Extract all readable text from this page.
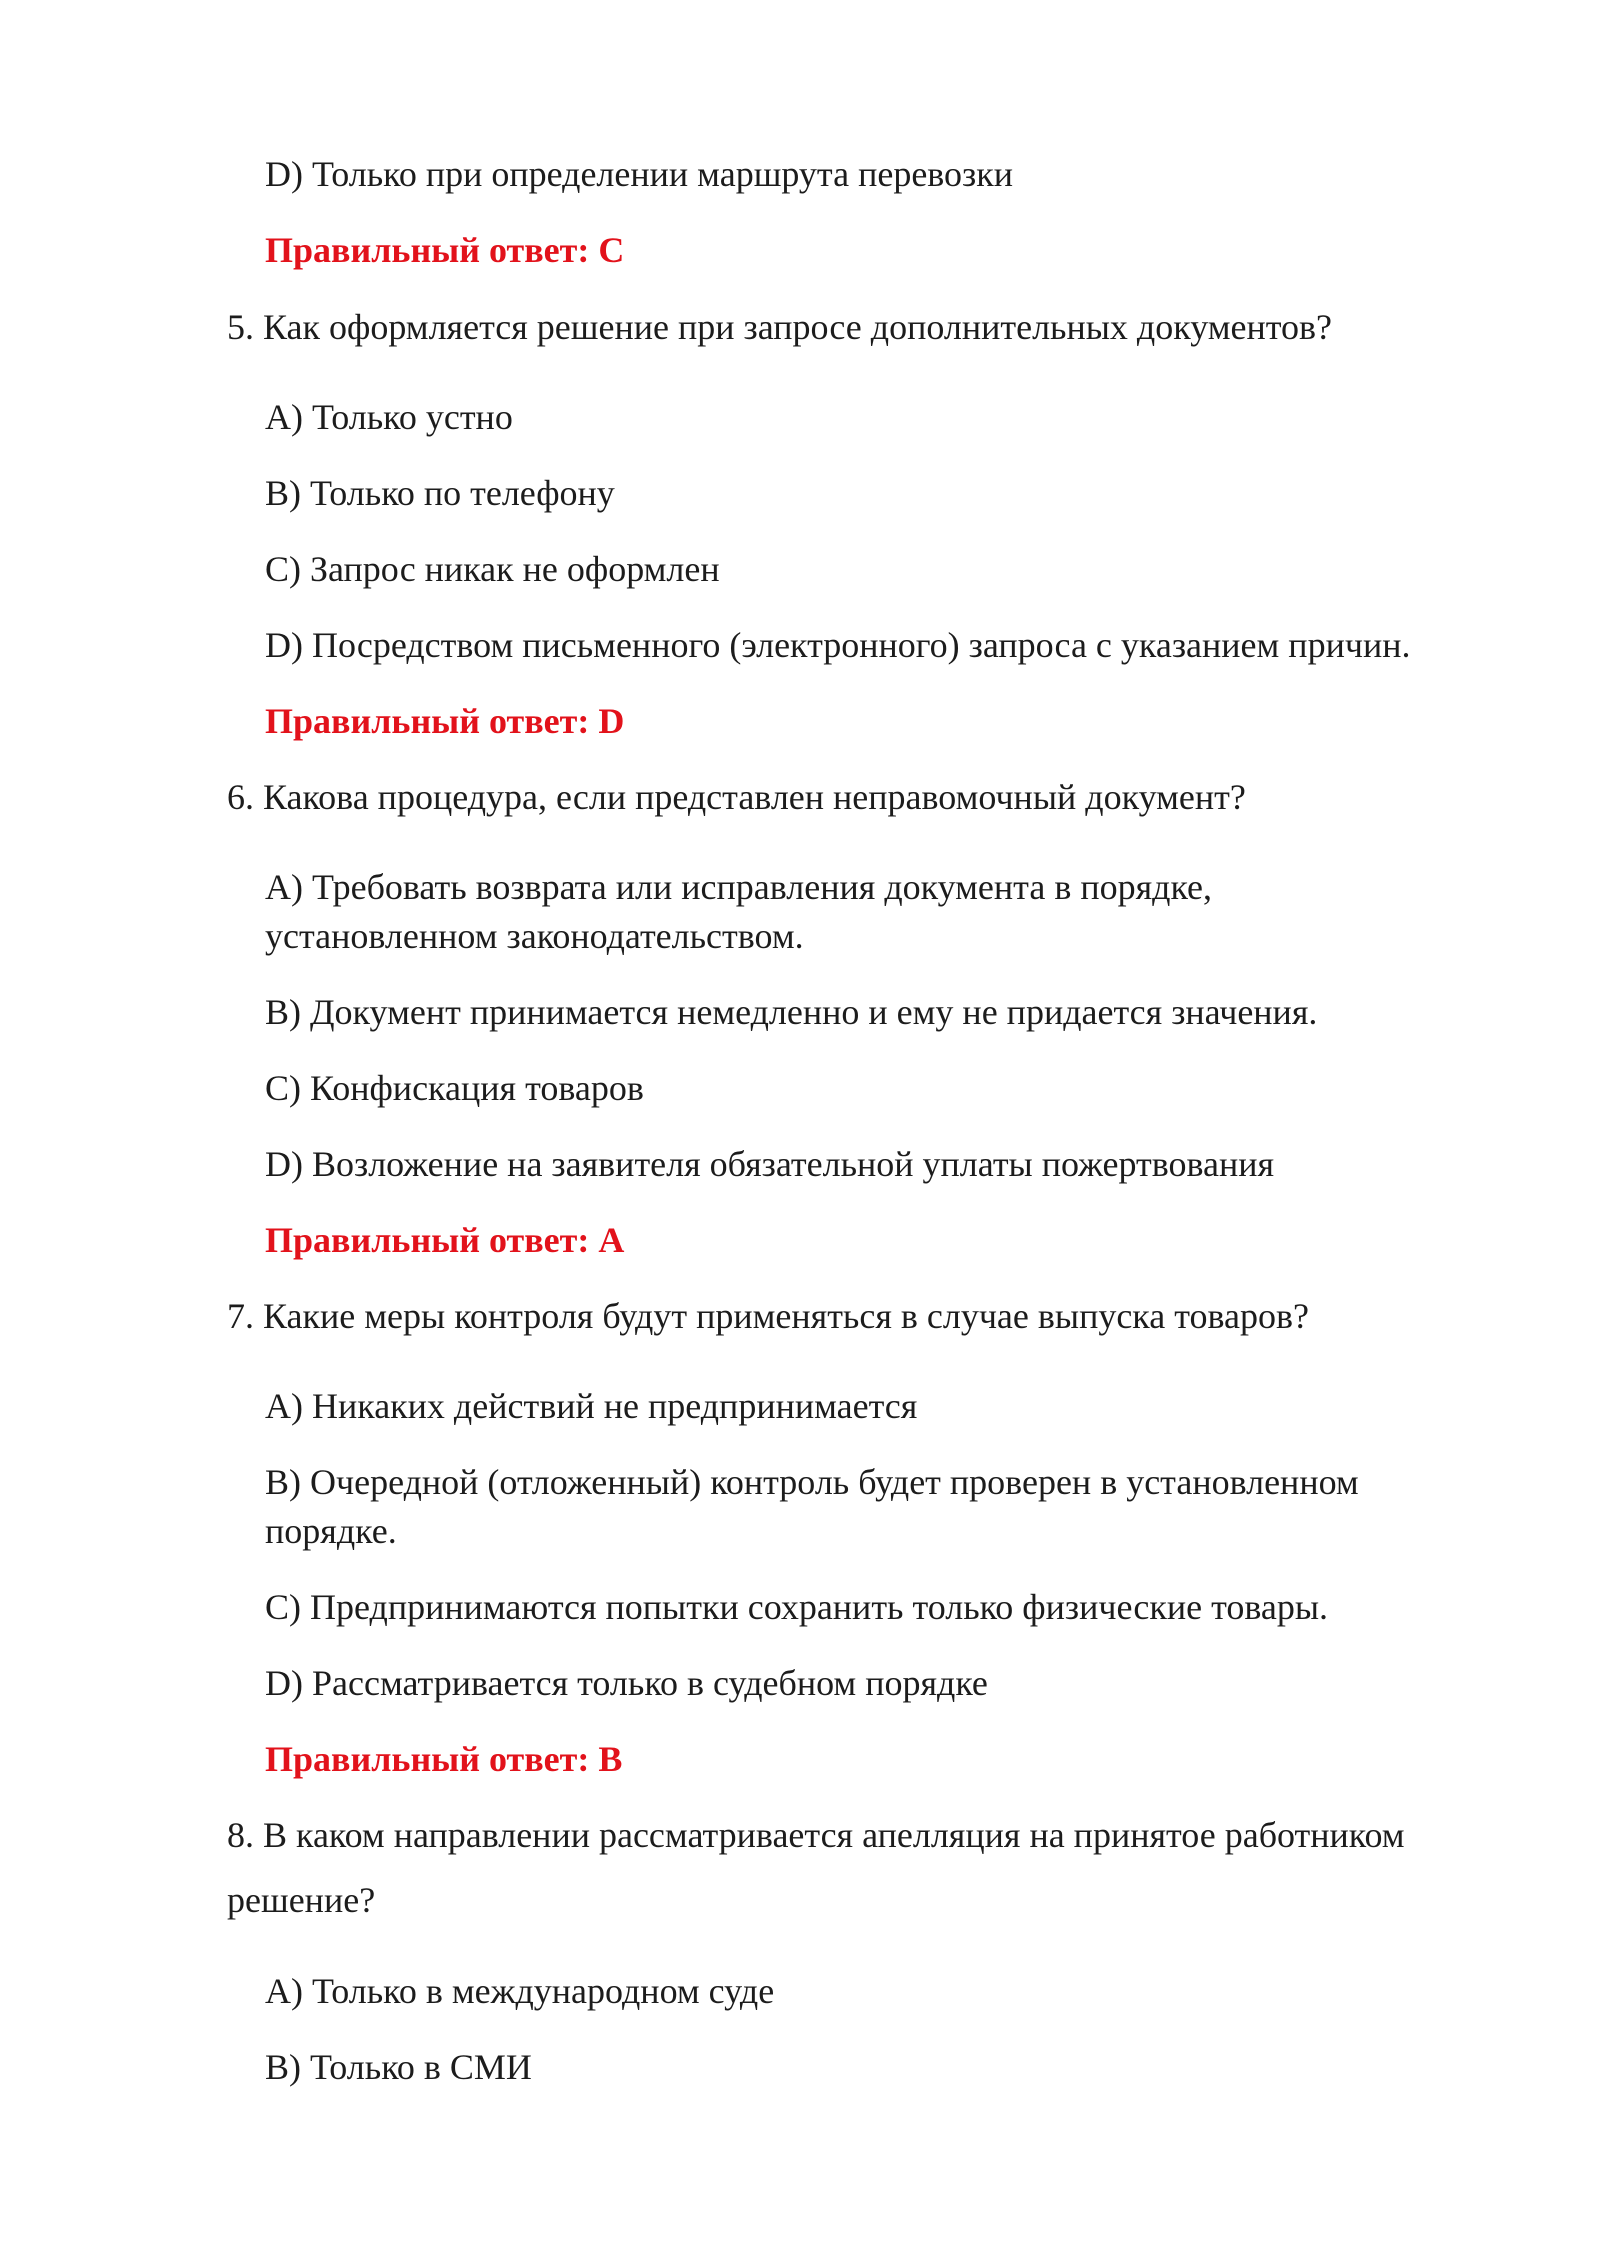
D) Только при определении маршрута перевозки

Правильный ответ: C

5. Как оформляется решение при запросе дополнительных документов?

A) Только устно

B) Только по телефону

C) Запрос никак не оформлен

D) Посредством письменного (электронного) запроса с указанием причин.

Правильный ответ: D

6. Какова процедура, если представлен неправомочный документ?

A) Требовать возврата или исправления документа в порядке,

установленном законодательством.

B) Документ принимается немедленно и ему не придается значения.

C) Конфискация товаров

D) Возложение на заявителя обязательной уплаты пожертвования

Правильный ответ: A

7. Какие меры контроля будут применяться в случае выпуска товаров?

A) Никаких действий не предпринимается

B) Очередной (отложенный) контроль будет проверен в установленном

порядке.

C) Предпринимаются попытки сохранить только физические товары.

D) Рассматривается только в судебном порядке

Правильный ответ: B

8. В каком направлении рассматривается апелляция на принятое работником

решение?

A) Только в международном суде

B) Только в СМИ
